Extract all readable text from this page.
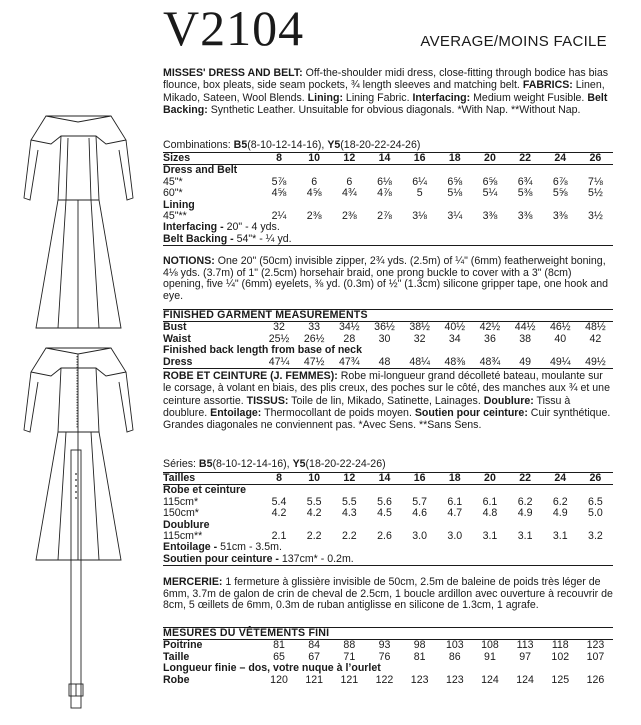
V2104	AVERAGE/MOINS FACILE
MISSES' DRESS AND BELT: Off-the-shoulder midi dress, close-fitting through bodice has bias flounce, box pleats, side seam pockets, ¾ length sleeves and matching belt. FABRICS: Linen, Mikado, Sateen, Wool Blends. Lining: Lining Fabric. Interfacing: Medium weight Fusible. Belt Backing: Synthetic Leather. Unsuitable for obvious diagonals. *With Nap. **Without Nap.
Combinations: B5(8-10-12-14-16), Y5(18-20-22-24-26)
Sizes	8	10	12	14	16	18	20	22	24	26
Dress and Belt										
45"*	5⅞	6	6	6⅛	6¼	6⅝	6⅝	6¾	6⅞	7⅛
60"*	4⅝	4⅝	4¾	4⅞	5	5⅛	5¼	5⅜	5⅝	5½
Lining										
45"**	2¼	2⅜	2⅜	2⅞	3⅛	3¼	3⅜	3⅜	3⅜	3½
Interfacing - 20" - 4 yds.										
Belt Backing - 54"* - ¼ yd.										
NOTIONS: One 20" (50cm) invisible zipper, 2¾ yds. (2.5m) of ¼" (6mm) featherweight boning, 4⅛ yds. (3.7m) of 1" (2.5cm) horsehair braid, one prong buckle to cover with a 3" (8cm) opening, five ¼" (6mm) eyelets, ⅜ yd. (0.3m) of ½" (1.3cm) silicone gripper tape, one hook and eye.
FINISHED GARMENT MEASUREMENTS										
Bust	32	33	34½	36½	38½	40½	42½	44½	46½	48½
Waist	25½	26½	28	30	32	34	36	38	40	42
Finished back length from base of neck										
Dress	47¼	47½	47¾	48	48¼	48⅜	48¾	49	49¼	49½
ROBE ET CEINTURE (J. FEMMES): Robe mi-longueur grand décolleté bateau, moulante sur le corsage, à volant en biais, des plis creux, des poches sur le côté, des manches aux ¾ et une ceinture assortie. TISSUS: Toile de lin, Mikado, Satinette, Lainages. Doublure: Tissu à doublure. Entoilage: Thermocollant de poids moyen. Soutien pour ceinture: Cuir synthétique. Grandes diagonales ne conviennent pas. *Avec Sens. **Sans Sens.
Séries: B5(8-10-12-14-16), Y5(18-20-22-24-26)
Tailles	8	10	12	14	16	18	20	22	24	26
Robe et ceinture										
115cm*	5.4	5.5	5.5	5.6	5.7	6.1	6.1	6.2	6.2	6.5
150cm*	4.2	4.2	4.3	4.5	4.6	4.7	4.8	4.9	4.9	5.0
Doublure										
115cm**	2.1	2.2	2.2	2.6	3.0	3.0	3.1	3.1	3.1	3.2
Entoilage - 51cm - 3.5m.										
Soutien pour ceinture - 137cm* - 0.2m.										
MERCERIE: 1 fermeture à glissière invisible de 50cm, 2.5m de baleine de poids très léger de 6mm, 3.7m de galon de crin de cheval de 2.5cm, 1 boucle ardillon avec ouverture à recouvrir de 8cm, 5 œillets de 6mm, 0.3m de ruban antiglisse en silicone de 1.3cm, 1 agrafe.
MESURES DU VÊTEMENTS FINI										
Poitrine	81	84	88	93	98	103	108	113	118	123
Taille	65	67	71	76	81	86	91	97	102	107
Longueur finie – dos, votre nuque à l’ourlet										
Robe	120	121	121	122	123	123	124	124	125	126
